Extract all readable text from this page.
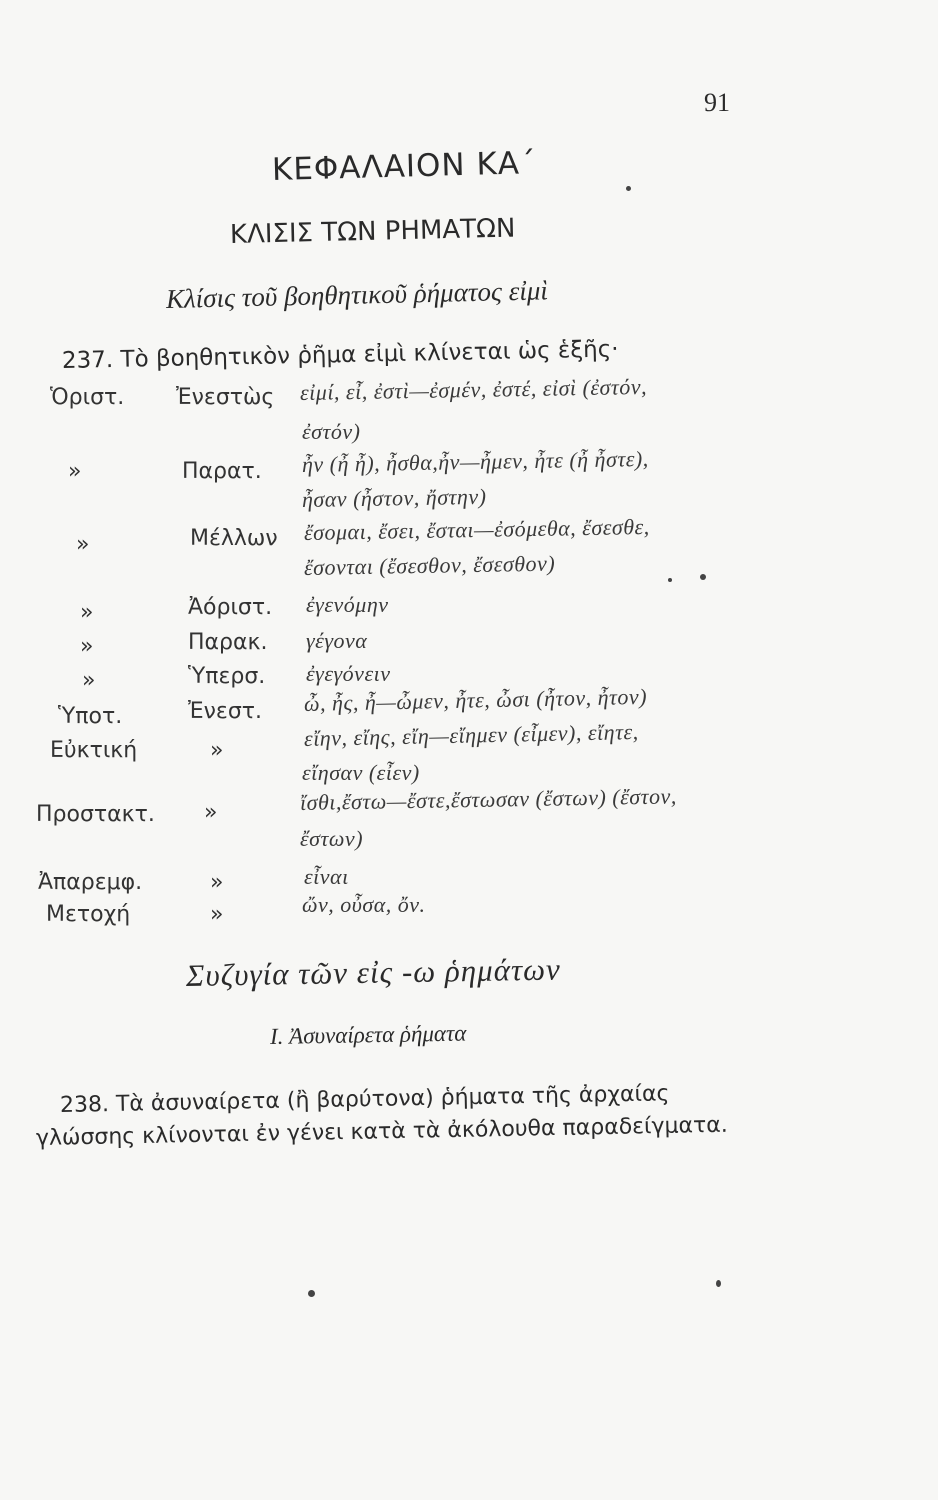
91
ΚΕΦΑΛΑΙΟΝ ΚΑ΄
ΚΛΙΣΙΣ ΤΩΝ ΡΗΜΑΤΩΝ
Κλίσις τοῦ βοηθητικοῦ ῥήματος εἰμὶ
237. Τὸ βοηθητικὸν ῥῆμα εἰμὶ κλίνεται ὡς ἑξῆς·
Ὁριστ. Ἐνεστὼς εἰμί, εἶ, ἐστὶ—ἐσμέν, ἐστέ, εἰσὶ (ἐστόν,
ἐστόν)
»	Παρατ. ἦν (ἦ ἦ), ἦσθα,ἦν—ἦμεν, ἦτε (ἦ ἦστε),
ἦσαν (ἦστον, ἤστην)
»	Μέλλων ἔσομαι, ἔσει, ἔσται—ἐσόμεθα, ἔσεσθε,
ἔσονται (ἔσεσθον, ἔσεσθον)
»	Ἀόριστ. ἐγενόμην
»	Παρακ. γέγονα
»	Ὑπερσ. ἐγεγόνειν
Ὑποτ.	Ἐνεστ. ὦ, ἦς, ἦ—ὦμεν, ἦτε, ὦσι (ἦτον, ἦτον)
Εὐκτική	»	εἴην, εἴης, εἴη—εἴημεν (εἶμεν), εἴητε,
εἴησαν (εἶεν)
Προστακτ. »	ἴσθι,ἔστω—ἔστε,ἔστωσαν (ἔστων) (ἔστον,
ἔστων)
Ἀπαρεμφ.	»	εἶναι
Μετοχή	»	ὤν, οὖσα, ὄν.
Συζυγία τῶν εἰς -ω ῥημάτων
I. Ἀσυναίρετα ῥήματα
238. Τὰ ἀσυναίρετα (ἢ βαρύτονα) ῥήματα τῆς ἀρχαίας
γλώσσης κλίνονται ἐν γένει κατὰ τὰ ἀκόλουθα παραδείγματα.
